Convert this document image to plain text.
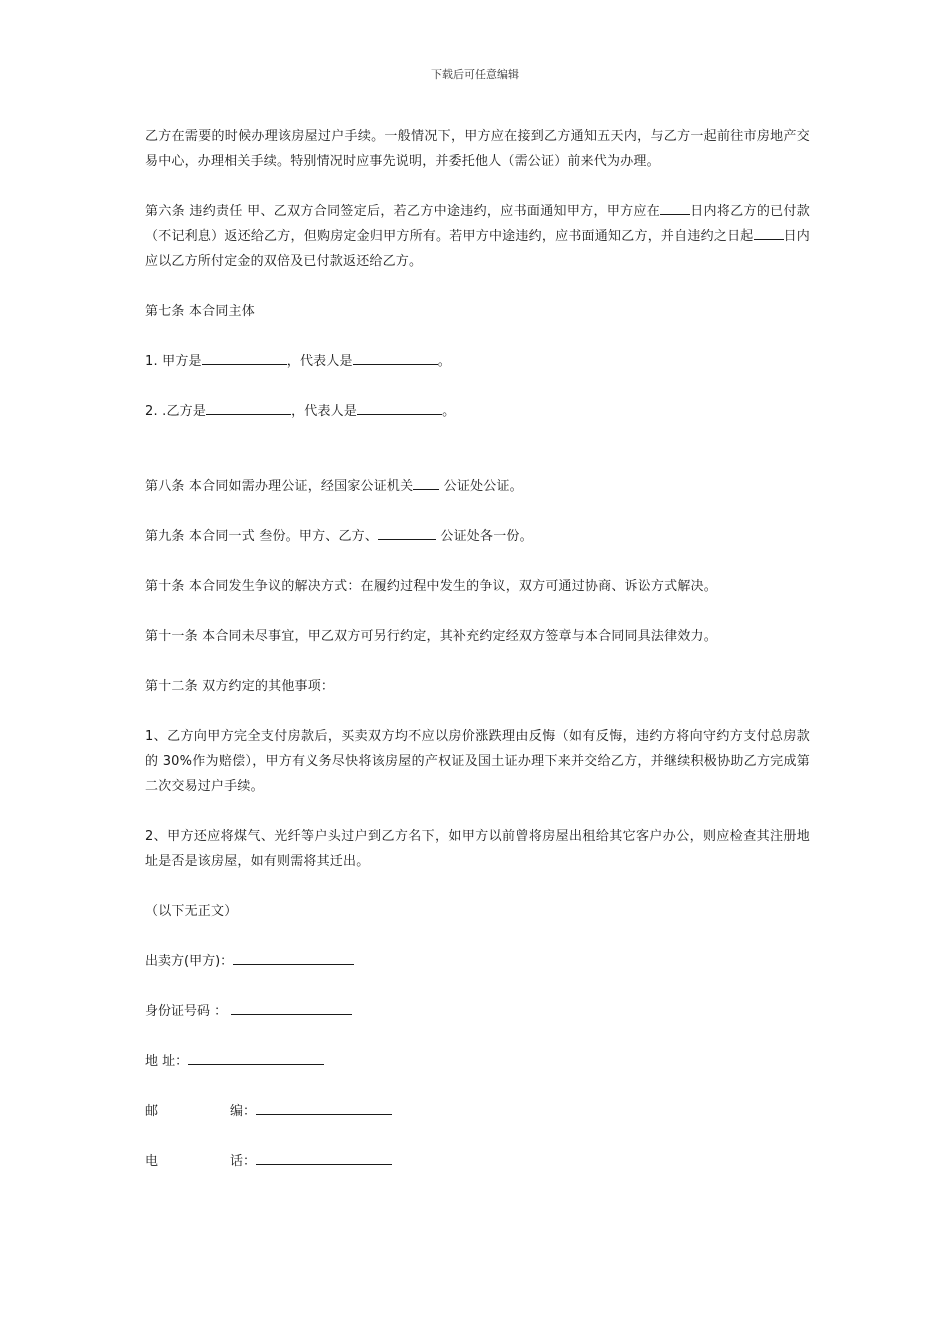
下载后可任意编辑

乙方在需要的时候办理该房屋过户手续。一般情况下，甲方应在接到乙方通知五天内，与乙方一起前往市房地产交易中心，办理相关手续。特别情况时应事先说明，并委托他人（需公证）前来代为办理。

第六条 违约责任 甲、乙双方合同签定后，若乙方中途违约，应书面通知甲方，甲方应在 日内将乙方的已付款（不记利息）返还给乙方，但购房定金归甲方所有。若甲方中途违约，应书面通知乙方，并自违约之日起 日内应以乙方所付定金的双倍及已付款返还给乙方。

第七条 本合同主体

1. 甲方是	，代表人是	。

2. .乙方是	，代表人是	。

第八条 本合同如需办理公证，经国家公证机关 公证处公证。

第九条 本合同一式 叁份。甲方、乙方、	公证处各一份。

第十条 本合同发生争议的解决方式：在履约过程中发生的争议，双方可通过协商、诉讼方式解决。

第十一条 本合同未尽事宜，甲乙双方可另行约定，其补充约定经双方签章与本合同同具法律效力。

第十二条 双方约定的其他事项：

1、乙方向甲方完全支付房款后，买卖双方均不应以房价涨跌理由反悔（如有反悔，违约方将向守约方支付总房款的 30%作为赔偿），甲方有义务尽快将该房屋的产权证及国土证办理下来并交给乙方，并继续积极协助乙方完成第二次交易过户手续。

2、甲方还应将煤气、光纤等户头过户到乙方名下，如甲方以前曾将房屋出租给其它客户办公，则应检查其注册地址是否是该房屋，如有则需将其迁出。

（以下无正文）

出卖方(甲方)：
身份证号码 ：
地 址：
邮	编：
电	话：
